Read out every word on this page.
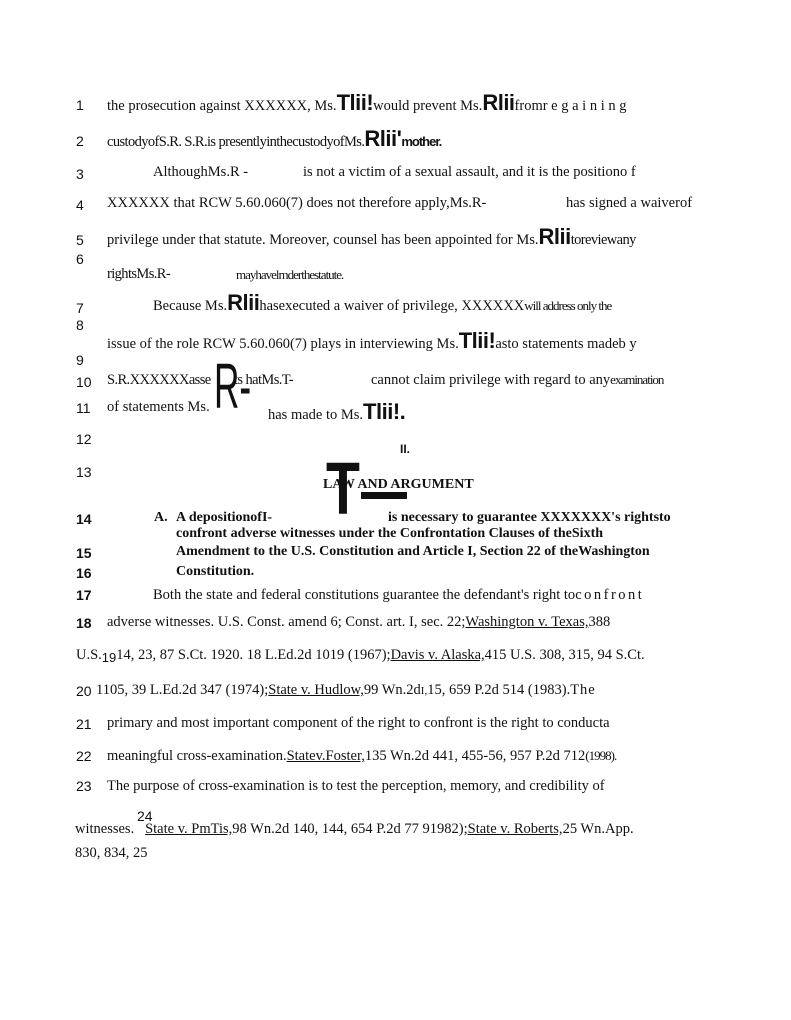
1
2
3
4
5
6
7
8
9
10
11
12
13
14
15
16
17
18
20
21
22
23
24
the prosecution against XXXXXX, Ms.Tlii!would prevent Ms.Rliifromr e g a i n i n g
custodyofS.R. S.R.is presentlyinthecustodyofMs.Rlii'mother.
AlthoughMs.R -	is not a victim of a sexual assault, and it is the positiono f
XXXXXX that RCW 5.60.060(7) does not therefore apply,Ms.R-	has signed a waiverof
privilege under that statute. Moreover, counsel has been appointed for Ms.Rliitoreviewany
rightsMs.R-	mayhavelmderthestatute.
Because Ms.Rliihasexecuted a waiver of privilege, XXXXXXwill address only the
issue of the role RCW 5.60.060(7) plays in interviewing Ms.Tlii!asto statements madeb y
S.R.XXXXXXasse ts hatMs.T-	cannot claim privilege with regard to anyexamination
of statements Ms.	has made to Ms.Tlii!.
R-
II.
LAW AND ARGUMENT
T
A. A depositionofI-	is necessary to guarantee XXXXXXX's rightsto
confront adverse witnesses under the Confrontation Clauses of theSixth
Amendment to the U.S. Constitution and Article I, Section 22 of theWashington
Constitution.
Both the state and federal constitutions guarantee the defendant's right toconfront
adverse witnesses. U.S. Const. amend 6; Const. art. I, sec. 22;Washington v. Texas,388
U.S.1914, 23, 87 S.Ct. 1920. 18 L.Ed.2d 1019 (1967);Davis v. Alaska,415 U.S. 308, 315, 94 S.Ct.
1105, 39 L.Ed.2d 347 (1974);State v. Hudlow,99 Wn.2dI,15, 659 P.2d 514 (1983).The
primary and most important component of the right to confront is the right to conducta
meaningful cross-examination.Statev.Foster,135 Wn.2d 441, 455-56, 957 P.2d 712(1998).
The purpose of cross-examination is to test the perception, memory, and credibility of
witnesses. State v. PmTis,98 Wn.2d 140, 144, 654 P.2d 77 91982);State v. Roberts,25 Wn.App.
830, 834, 25
